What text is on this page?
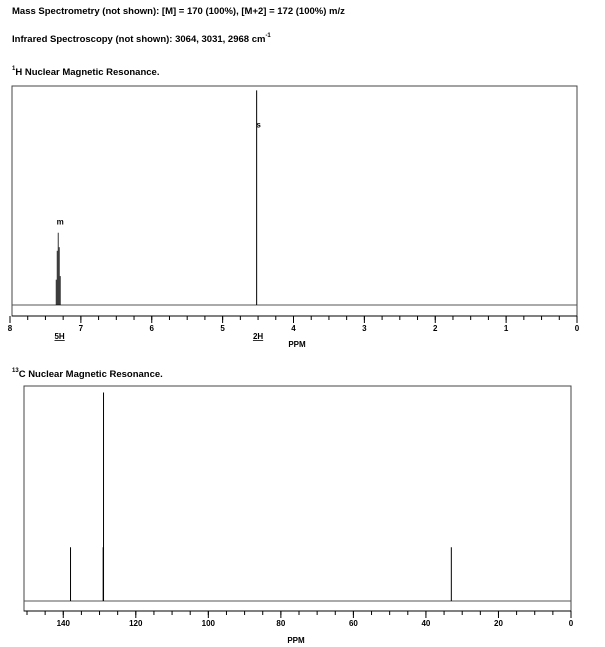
Mass Spectrometry (not shown): [M] = 170 (100%), [M+2] = 172 (100%) m/z
Infrared Spectroscopy (not shown): 3064, 3031, 2968 $cm^{-1}$
$^1$H Nuclear Magnetic Resonance.
$^{13}$C Nuclear Magnetic Resonance.
8	7	6	5	4	3	2	1	0
PPM
m
5H
s
2H
140	120	100	80	60	40	20	0
PPM
